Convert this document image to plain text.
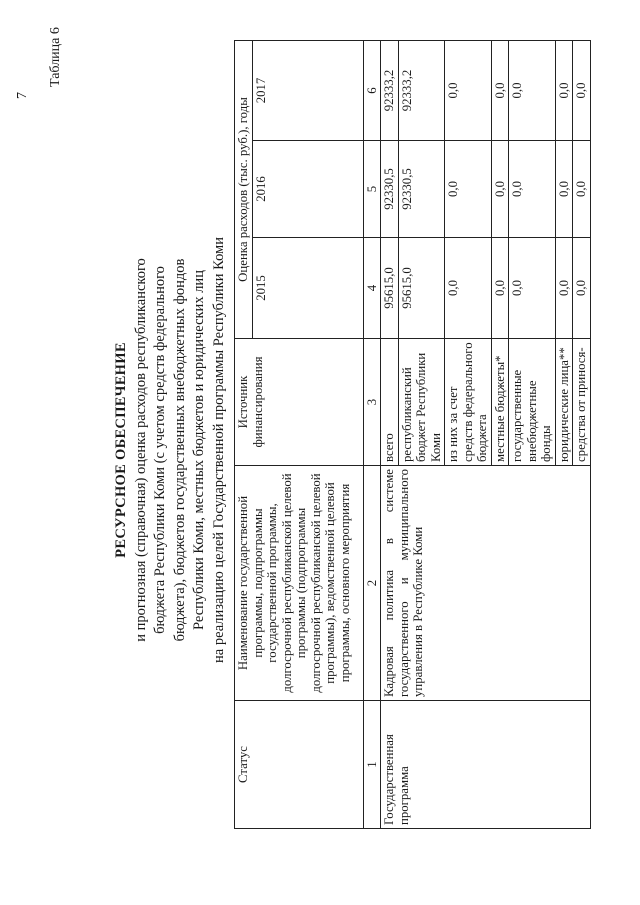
7
Таблица 6
РЕСУРСНОЕ ОБЕСПЕЧЕНИЕ и прогнозная (справочная) оценка расходов республиканского бюджета Республики Коми (с учетом средств федерального бюджета), бюджетов государственных внебюджетных фондов Республики Коми, местных бюджетов и юридических лиц на реализацию целей Государственной программы Республики Коми
Статус	Наименование государственной программы, подпрограммы государственной программы, долгосрочной республиканской целевой программы (подпрограммы долгосрочной республиканской целевой программы), ведомственной целевой программы, основного мероприятия	Источник финансирования	Оценка расходов (тыс. руб.), годы		
			2015	2016	2017
1	2	3	4	5	6
Государственная программа	Кадровая политика в системе государственного и муниципального управления в Республике Коми	всего	95615,0	92330,5	92333,2
		республиканский бюджет Республики Коми	95615,0	92330,5	92333,2
		из них за счет средств федерального бюджета	0,0	0,0	0,0
		местные бюджеты*	0,0	0,0	0,0
		государственные внебюджетные фонды	0,0	0,0	0,0
		юридические лица**	0,0	0,0	0,0
		средства от принося-	0,0	0,0	0,0
